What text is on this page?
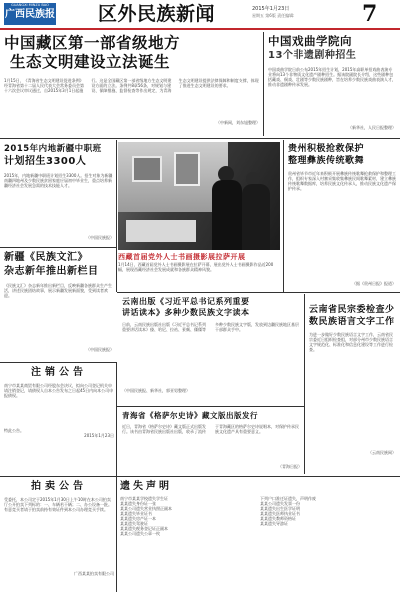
GUANGXI MINZU BAO
广西民族报 区外民族新闻	2015年1月23日
星期五 第6版 责任编辑:	7
中国藏区第一部省级地方
生态文明建设立法诞生
1月15日，《青海省生态文明建设促进条例》经青海省第十二届人民代表大会常务委员会第十六次会议审议通过，自2015年3月1日起施行。这是全国藏区第一部省级地方生态文明建设方面的立法。条例共8章56条，对规划与建设、保障措施、监督检查等作出规定，为青海生态文明建设提供法律保障和制度支撑，体现了推进生态文明建设的要求。
（中新网，刘东旭整理）
中国戏曲学院向
13个非遗剧种招生
中国戏曲学院日前公布2015年招生计划，2015年高职单招戏曲表演专业将向13个非物质文化遗产剧种招生。据该院副院长介绍，这些剧种包括藏戏、侗戏、壮剧等少数民族剧种，旨在培养少数民族戏曲表演人才，推动非遗剧种传承发展。
（新华社，人民日报整理）
2015年内地新疆中职班
计划招生3300人
2015年，内地新疆中职班计划招生3300人。招生对象为新疆南疆四地州及少数民族贫困家庭应届初中毕业生，重点培养新疆经济社会发展急需的技术技能人才。
（中国民族报）
西藏首届党外人士书画摄影展拉萨开展
1月14日，西藏首届党外人士书画摄影展在拉萨开幕，展出党外人士书画摄影作品近200幅，展现西藏经济社会发展成就和各族群众精神风貌。
贵州积极抢救保护
整理彝族传统歌舞
贵州省毕节市近年来积极开展彝族传统歌舞抢救保护和整理工作，组织专家深入村寨采集收集彝族民间歌舞素材，建立彝族传统歌舞数据库，培养民族文化传承人，推动民族文化遗产保护传承。
（据《贵州日报》报道）
新疆《民族文汇》
杂志新年推出新栏目
《民族文汇》杂志新年推出新栏目，反映新疆各族群众生产生活，讲述民族团结故事，展示新疆发展新面貌，受到读者欢迎。
（中国民族报）
云南出版《习近平总书记系列重要
讲话读本》多种少数民族文字读本
日前，云南民族出版社出版《习近平总书记系列重要讲话读本》傣、哈尼、拉祜、景颇、傈僳等多种少数民族文字版，发放到边疆民族地区基层干部群众手中。
（中国民族报、新华社，郭亚男整理）
云南省民宗委检查少数民族语言文字工作
为进一步做好少数民族语言文字工作，云南省民宗委近日组织检查组，对部分州市少数民族语言文字规范化、标准化和信息化建设等工作进行检查。
（云南民族网）
注销公告
南宁市某某商贸有限公司经股东会决议，拟向公司登记机关申请注销登记，请债权人自本公告发布之日起45日内向本公司申报债权。
特此公告。
2015年1月23日
青海省《格萨尔史诗》藏文版出版发行
近日，青海省《格萨尔史诗》藏文版正式出版发行。该书由青海省民族出版社出版，收录了流传于青海藏区的格萨尔史诗说唱本，对保护传承民族文化遗产具有重要意义。
（青海日报）
拍卖公告
受委托，本公司定于2015年1月30日上午10时在本公司拍卖厅公开拍卖下列标的：一、车辆若干辆；二、办公设备一批。有意竞买者请于拍卖前持有效证件到本公司办理竞买手续。
广西某某拍卖有限公司
遗失声明
南宁市某某学校遗失学生证
某某遗失身份证一张
某某公司遗失营业执照正副本
某某遗失毕业证书
某某遗失房产证一本
某某遗失驾驶证
某某遗失税务登记证正副本
某某公司遗失公章一枚
下列户口准迁证遗失，声明作废
某某公司遗失发票一份
某某遗失出生医学证明
某某遗失医师执业证书
某某遗失教师资格证
某某遗失导游证
